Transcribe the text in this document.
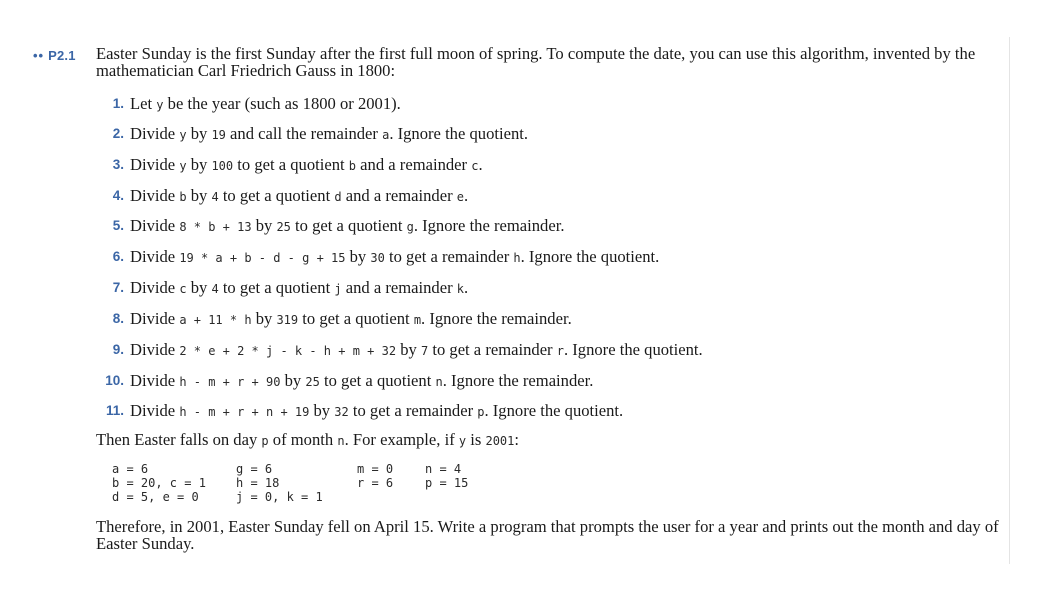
•• P2.1 Easter Sunday is the first Sunday after the first full moon of spring. To compute the date, you can use this algorithm, invented by the mathematician Carl Friedrich Gauss in 1800:
1. Let y be the year (such as 1800 or 2001).
2. Divide y by 19 and call the remainder a. Ignore the quotient.
3. Divide y by 100 to get a quotient b and a remainder c.
4. Divide b by 4 to get a quotient d and a remainder e.
5. Divide 8 * b + 13 by 25 to get a quotient g. Ignore the remainder.
6. Divide 19 * a + b - d - g + 15 by 30 to get a remainder h. Ignore the quotient.
7. Divide c by 4 to get a quotient j and a remainder k.
8. Divide a + 11 * h by 319 to get a quotient m. Ignore the remainder.
9. Divide 2 * e + 2 * j - k - h + m + 32 by 7 to get a remainder r. Ignore the quotient.
10. Divide h - m + r + 90 by 25 to get a quotient n. Ignore the remainder.
11. Divide h - m + r + n + 19 by 32 to get a remainder p. Ignore the quotient.
Then Easter falls on day p of month n. For example, if y is 2001:
a = 6	g = 6	m = 0	n = 4
b = 20, c = 1	h = 18	r = 6	p = 15
d = 5, e = 0	j = 0, k = 1
Therefore, in 2001, Easter Sunday fell on April 15. Write a program that prompts the user for a year and prints out the month and day of Easter Sunday.
